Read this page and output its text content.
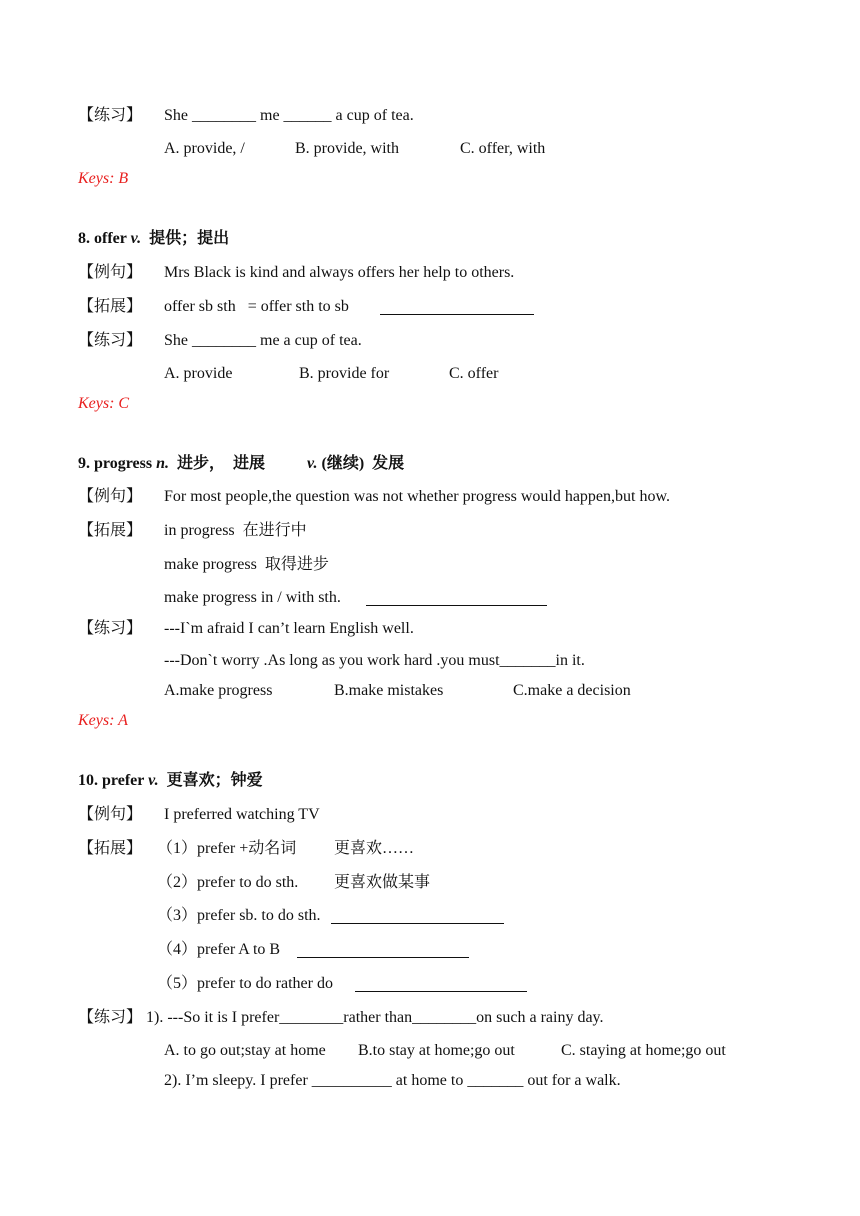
【练习】 She ________ me ______ a cup of tea.
A. provide, /	B. provide, with	C. offer, with
Keys: B
8. offer v.  提供；提出
【例句】 Mrs Black is kind and always offers her help to others.
【拓展】 offer sb sth   = offer sth to sb
【练习】 She ________ me a cup of tea.
A. provide	B. provide for	C. offer
Keys: C
9. progress n.  进步，  进展	v. (继续)  发展
【例句】 For most people,the question was not whether progress would happen,but how.
【拓展】 in progress  在进行中
make progress  取得进步
make progress in / with sth.
【练习】 ---I`m afraid I can’t learn English well.
---Don`t worry .As long as you work hard .you must_______in it.
A.make progress	B.make mistakes	C.make a decision
Keys: A
10. prefer v.  更喜欢；钟爱
【例句】 I preferred watching TV
【拓展】 （1）prefer +动名词 更喜欢……
（2）prefer to do sth. 更喜欢做某事
（3）prefer sb. to do sth.
（4）prefer A to B
（5）prefer to do rather do
【练习】 1). ---So it is I prefer________rather than________on such a rainy day.
A. to go out;stay at home B.to stay at home;go out	C. staying at home;go out
2). I’m sleepy. I prefer __________ at home to _______ out for a walk.
